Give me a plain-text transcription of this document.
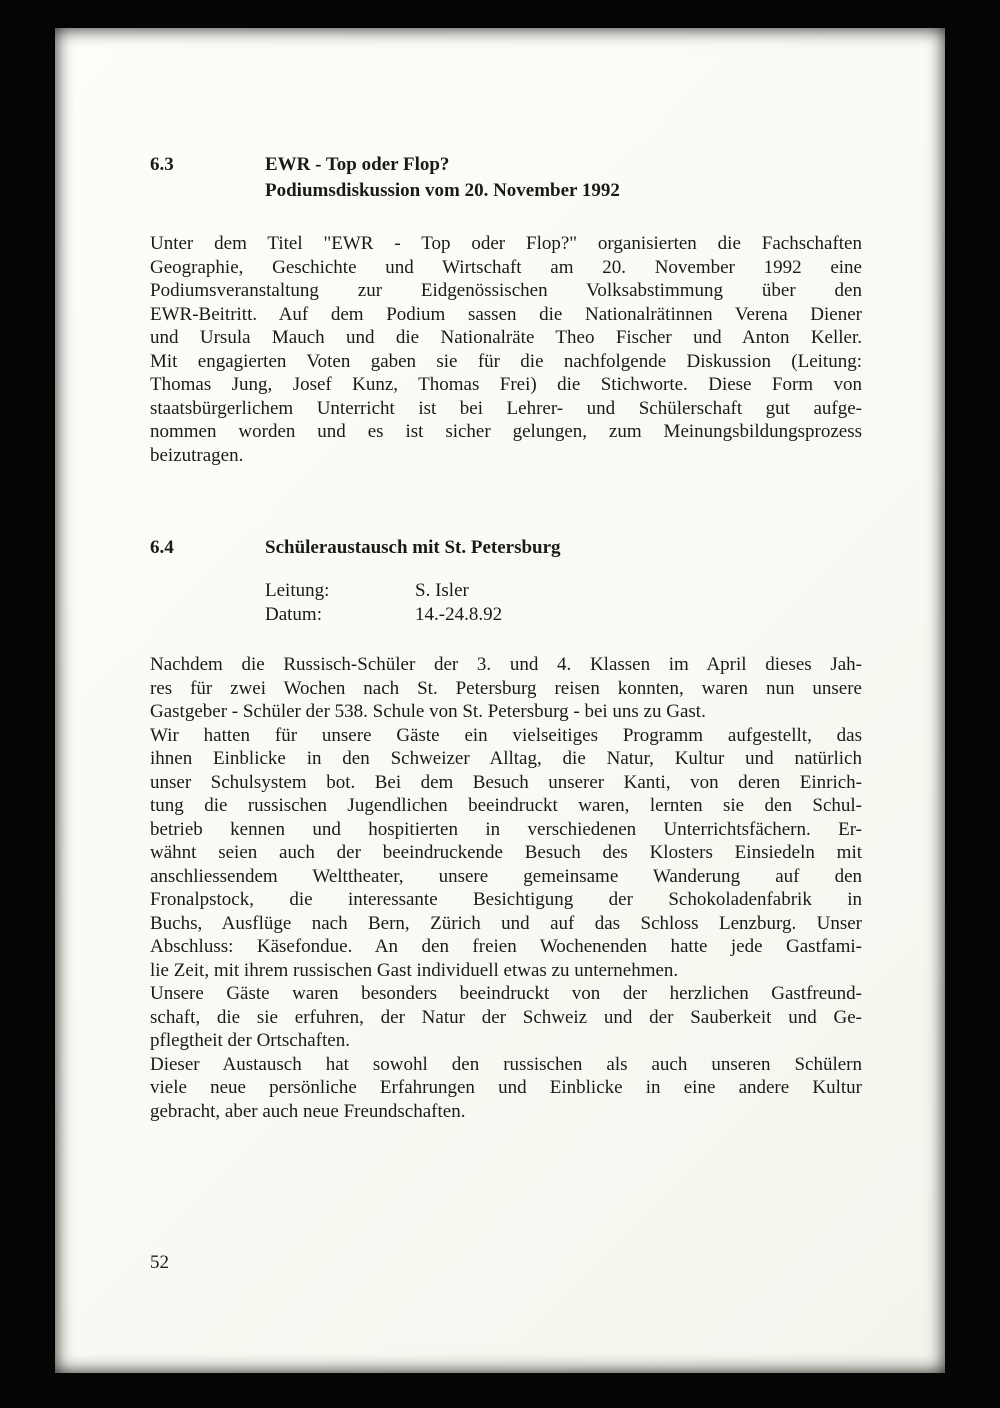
6.3	EWR - Top oder Flop?
Podiumsdiskussion vom 20. November 1992
Unter dem Titel "EWR - Top oder Flop?" organisierten die Fachschaften
Geographie, Geschichte und Wirtschaft am 20. November 1992 eine
Podiumsveranstaltung zur Eidgenössischen Volksabstimmung über den
EWR-Beitritt. Auf dem Podium sassen die Nationalrätinnen Verena Diener
und Ursula Mauch und die Nationalräte Theo Fischer und Anton Keller.
Mit engagierten Voten gaben sie für die nachfolgende Diskussion (Leitung:
Thomas Jung, Josef Kunz, Thomas Frei) die Stichworte. Diese Form von
staatsbürgerlichem Unterricht ist bei Lehrer- und Schülerschaft gut aufge-
nommen worden und es ist sicher gelungen, zum Meinungsbildungsprozess
beizutragen.
6.4	Schüleraustausch mit St. Petersburg
Leitung:	S. Isler
Datum:	14.-24.8.92
Nachdem die Russisch-Schüler der 3. und 4. Klassen im April dieses Jah-
res für zwei Wochen nach St. Petersburg reisen konnten, waren nun unsere
Gastgeber - Schüler der 538. Schule von St. Petersburg - bei uns zu Gast.
Wir hatten für unsere Gäste ein vielseitiges Programm aufgestellt, das
ihnen Einblicke in den Schweizer Alltag, die Natur, Kultur und natürlich
unser Schulsystem bot. Bei dem Besuch unserer Kanti, von deren Einrich-
tung die russischen Jugendlichen beeindruckt waren, lernten sie den Schul-
betrieb kennen und hospitierten in verschiedenen Unterrichtsfächern. Er-
wähnt seien auch der beeindruckende Besuch des Klosters Einsiedeln mit
anschliessendem Welttheater, unsere gemeinsame Wanderung auf den
Fronalpstock, die interessante Besichtigung der Schokoladenfabrik in
Buchs, Ausflüge nach Bern, Zürich und auf das Schloss Lenzburg. Unser
Abschluss: Käsefondue. An den freien Wochenenden hatte jede Gastfami-
lie Zeit, mit ihrem russischen Gast individuell etwas zu unternehmen.
Unsere Gäste waren besonders beeindruckt von der herzlichen Gastfreund-
schaft, die sie erfuhren, der Natur der Schweiz und der Sauberkeit und Ge-
pflegtheit der Ortschaften.
Dieser Austausch hat sowohl den russischen als auch unseren Schülern
viele neue persönliche Erfahrungen und Einblicke in eine andere Kultur
gebracht, aber auch neue Freundschaften.
52
